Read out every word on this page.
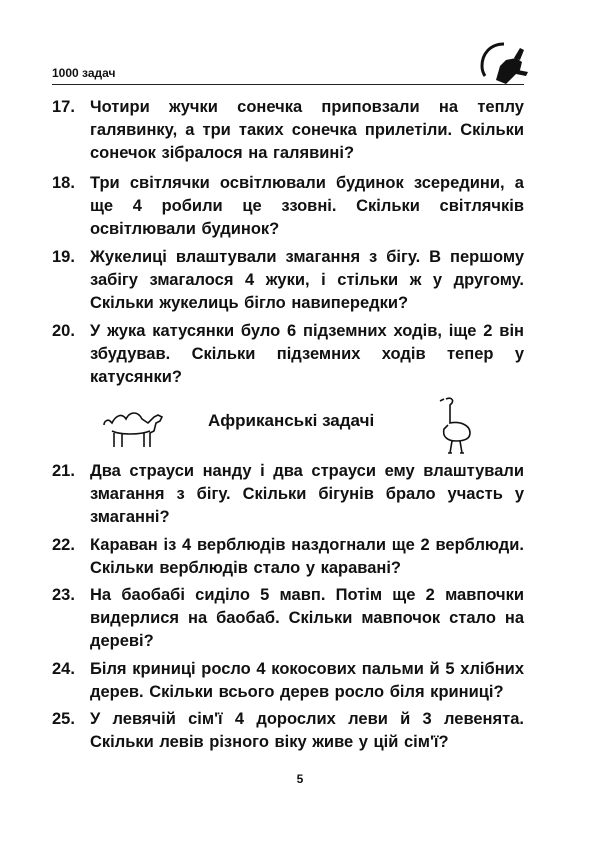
1000 задач
17. Чотири жучки сонечка приповзали на теплу галявинку, а три таких сонечка прилетіли. Скільки сонечок зібралося на галявині?
18. Три світлячки освітлювали будинок зсередини, а ще 4 робили це ззовні. Скільки світлячків освітлювали будинок?
19. Жукелиці влаштували змагання з бігу. В першому забігу змагалося 4 жуки, і стільки ж у другому. Скільки жукелиць бігло навипередки?
20. У жука катусянки було 6 підземних ходів, іще 2 він збудував. Скільки підземних ходів тепер у катусянки?
Африканські задачі
21. Два страуси нанду і два страуси ему влаштували змагання з бігу. Скільки бігунів брало участь у змаганні?
22. Караван із 4 верблюдів наздогнали ще 2 верблюди. Скільки верблюдів стало у каравані?
23. На баобабі сиділо 5 мавп. Потім ще 2 мавпочки видерлися на баобаб. Скільки мавпочок стало на дереві?
24. Біля криниці росло 4 кокосових пальми й 5 хлібних дерев. Скільки всього дерев росло біля криниці?
25. У левячій сім'ї 4 дорослих леви й 3 левенята. Скільки левів різного віку живе у цій сім'ї?
5
